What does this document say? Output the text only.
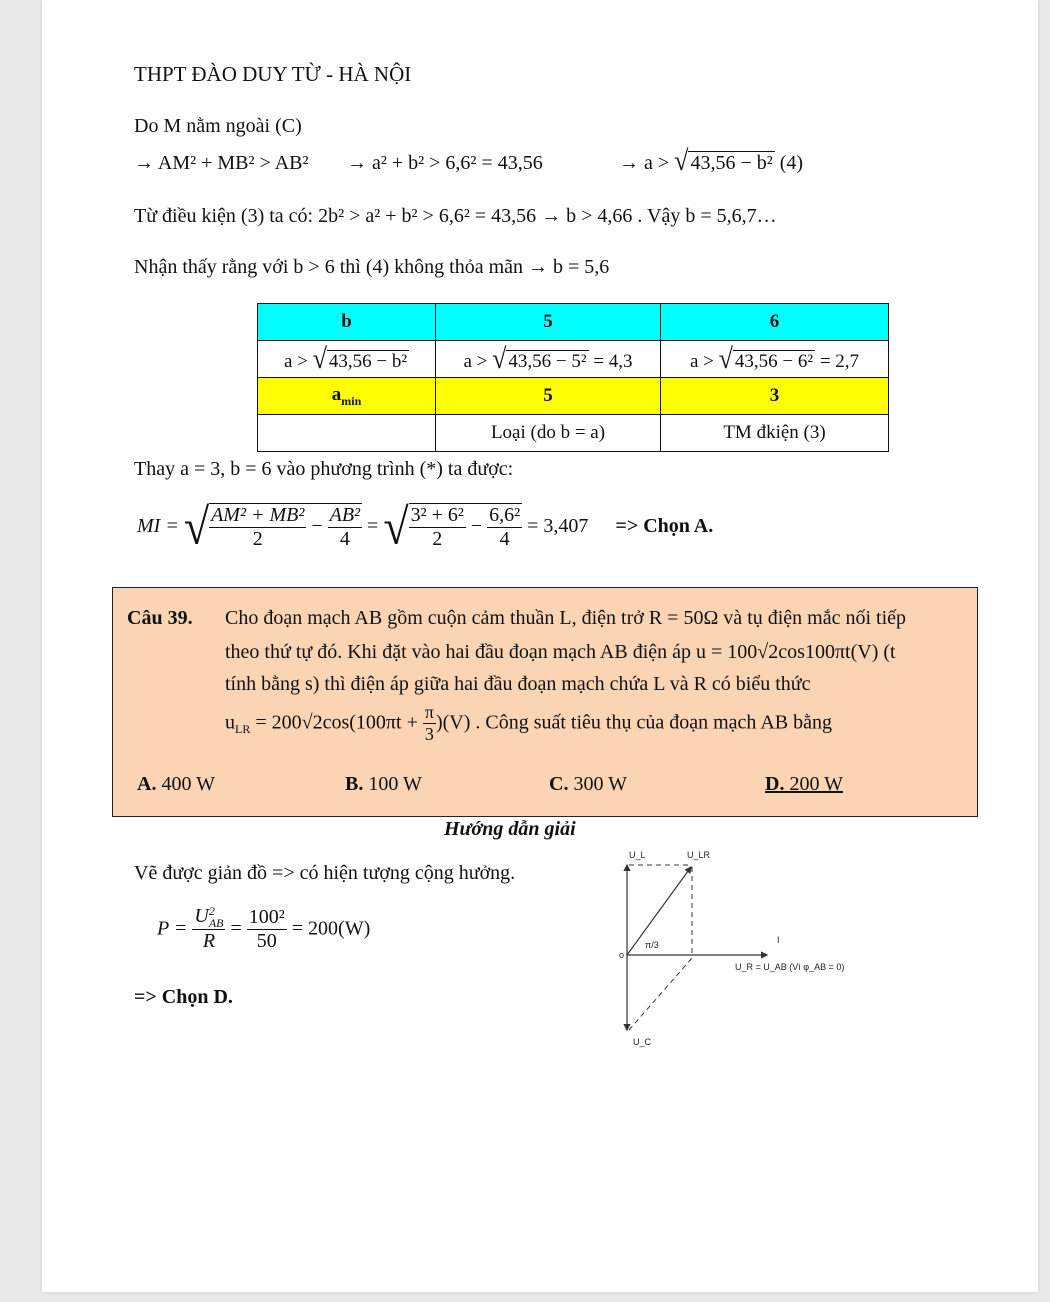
THPT ĐÀO DUY TỪ - HÀ NỘI
Do M nằm ngoài (C)
→ AM² + MB² > AB² → a² + b² > 6,6² = 43,56	→ a > √ 43,56 − b² (4)
Từ điều kiện (3) ta có: 2b² > a² + b² > 6,6² = 43,56 → b > 4,66 . Vậy b = 5,6,7…
Nhận thấy rằng với b > 6 thì (4) không thỏa mãn → b = 5,6
b	5	6
a > √ 43,56 − b²	a > √ 43,56 − 5² = 4,3	a > √ 43,56 − 6² = 2,7
$a_{min}$	5	3
	Loại (do b = a)	TM đkiện (3)
Thay a = 3, b = 6 vào phương trình (*) ta được:
MI = √ $\frac{\text{AM² + MB²}}{2} - \frac{\text{AB²}}{4}$ = √ $\frac{\text{3² + 6²}}{2} - \frac{\text{6,6²}}{4} = 3,407$ => Chọn A.
Câu 39. Cho đoạn mạch AB gồm cuộn cảm thuần L, điện trở R = 50Ω và tụ điện mắc nối tiếp
theo thứ tự đó. Khi đặt vào hai đầu đoạn mạch AB điện áp u = 100√2cos100πt(V) (t
tính bằng s) thì điện áp giữa hai đầu đoạn mạch chứa L và R có biểu thức
$u_{LR} = 200√2\cos(100\pi t + \frac{\pi}{3} )(V)$ . Công suất tiêu thụ của đoạn mạch AB bằng
A. 400 W	B. 100 W	C. 300 W	D. 200 W
Hướng dẫn giải
Vẽ được giản đồ => có hiện tượng cộng hưởng.
P = U 2
AB
$R = \frac{\text{100²}}{50} = 200(W)$
=> Chọn D.
U_L	U_LR
o
π/3	I
U_R = U_AB (Vì φ_AB = 0)
U_C
